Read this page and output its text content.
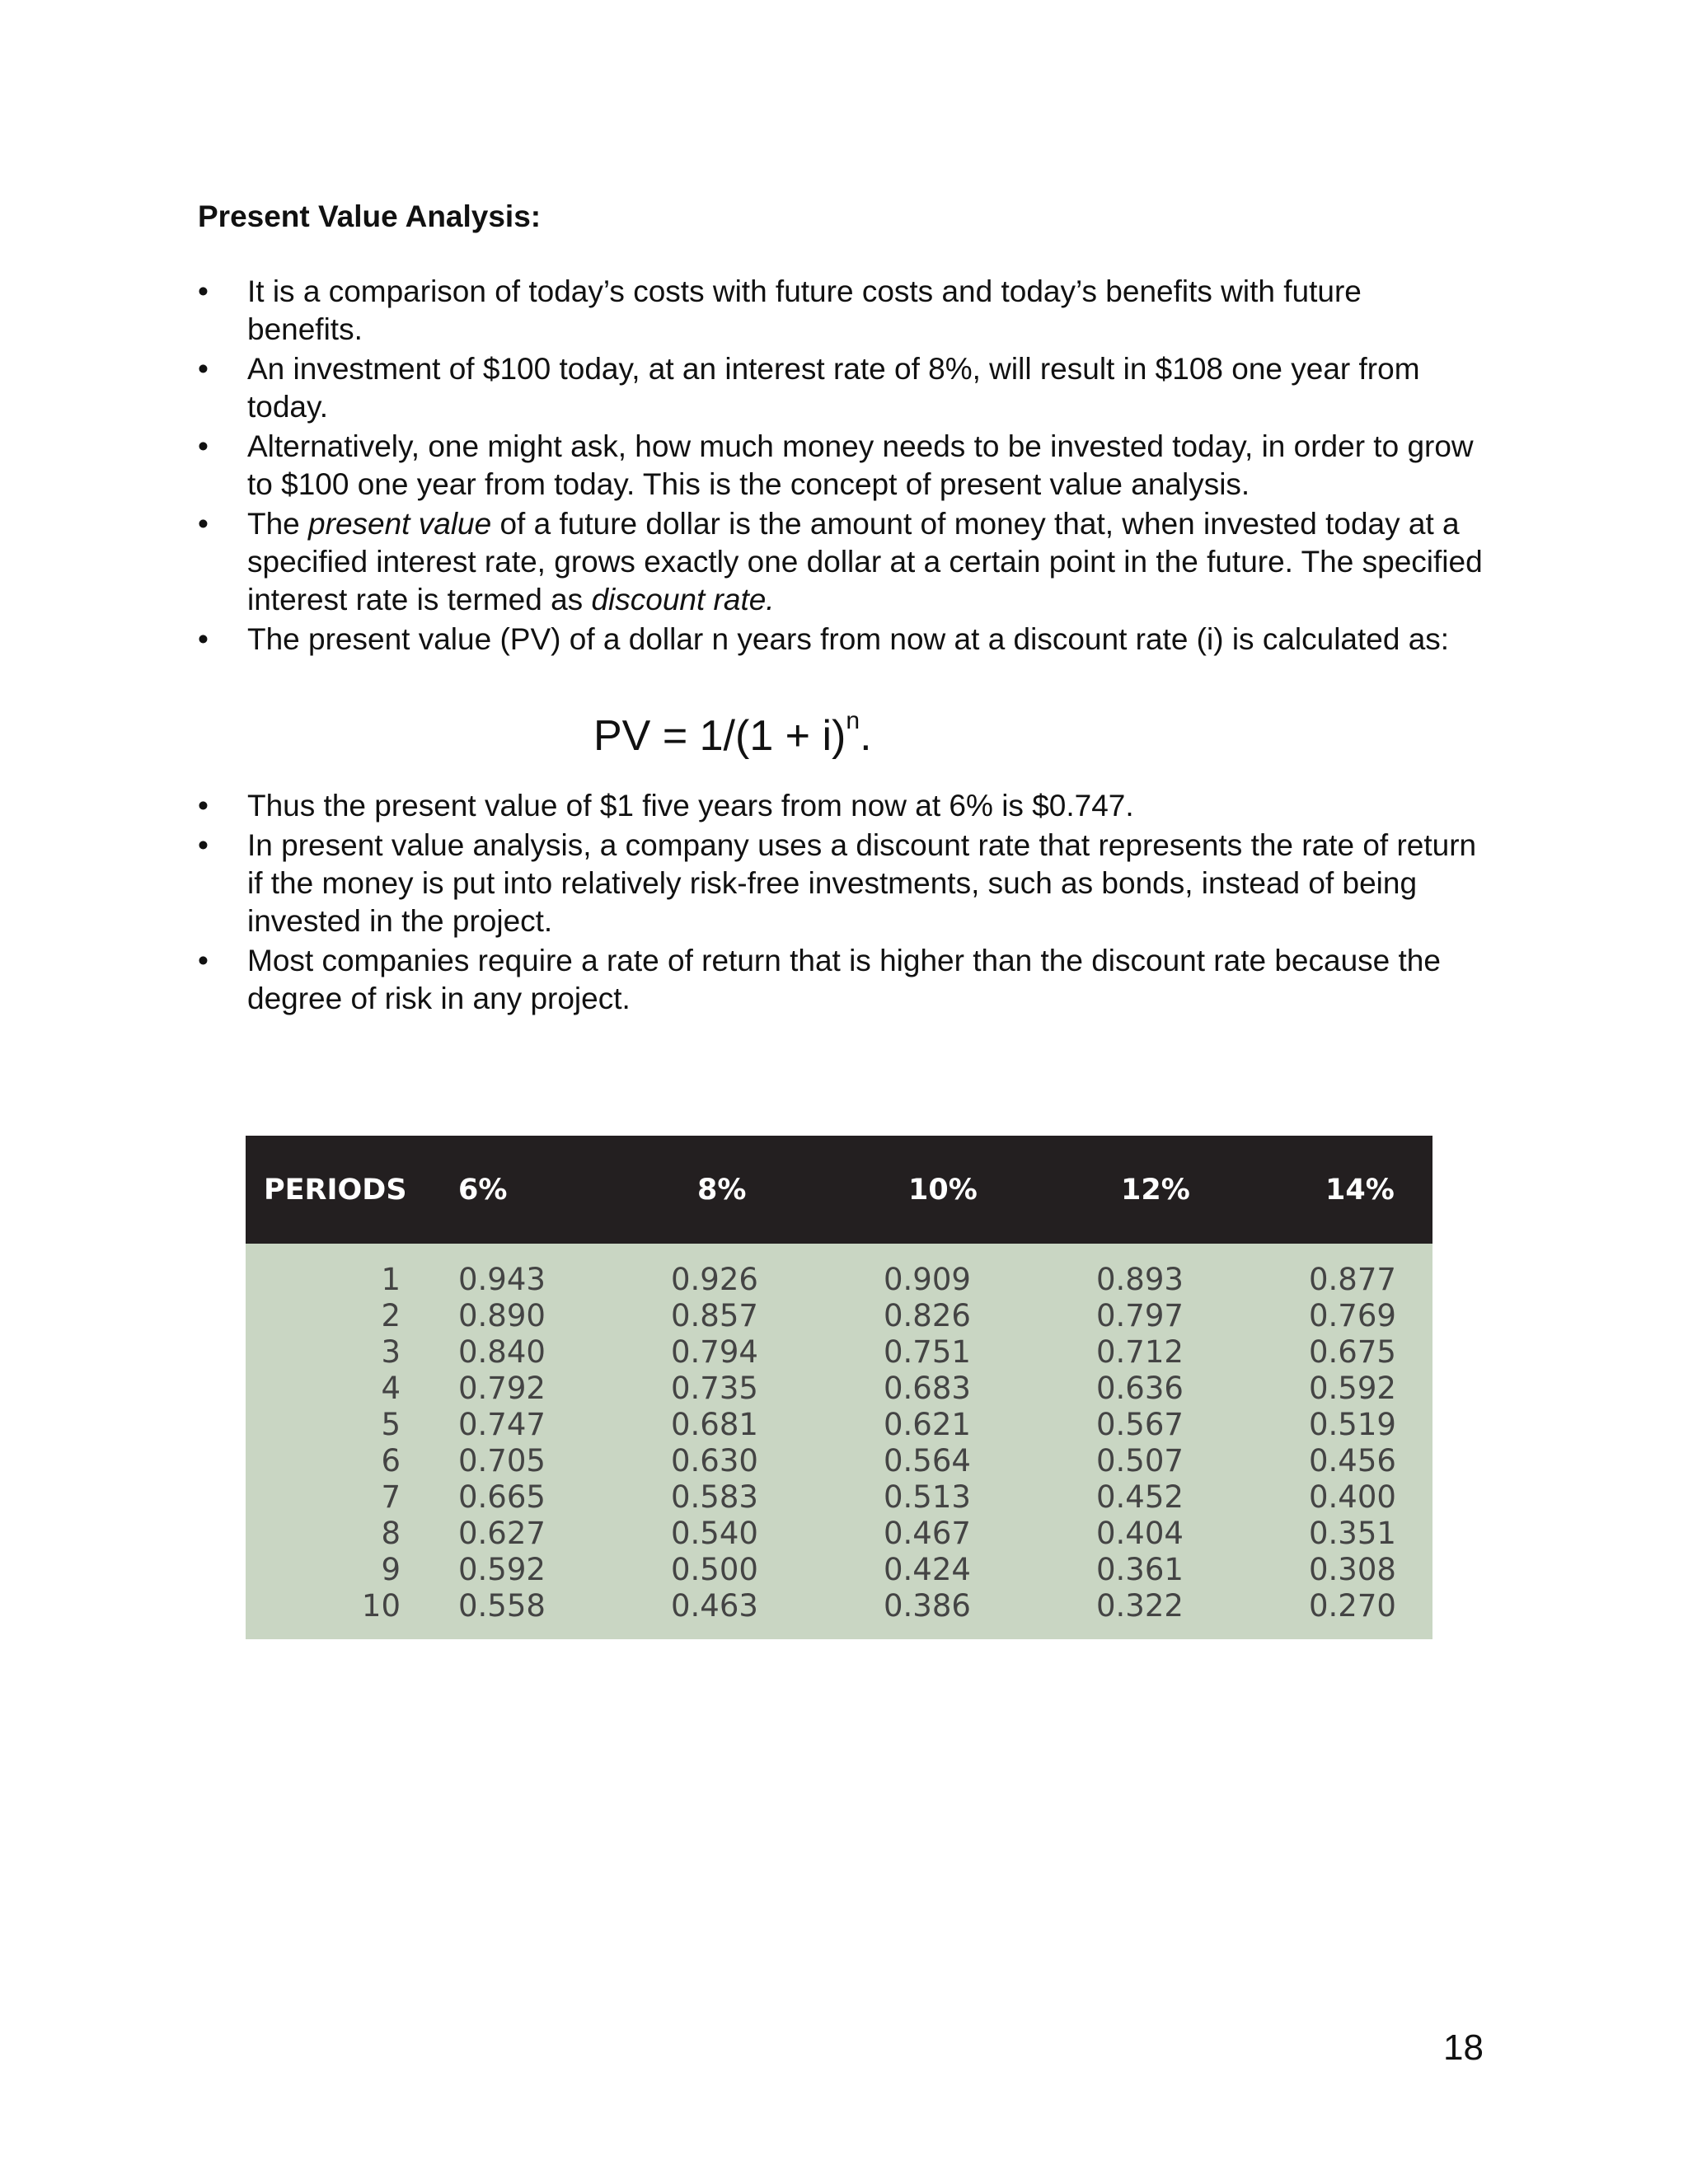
Present Value Analysis:
•	It is a comparison of today’s costs with future costs and today’s benefits with future benefits.
•	An investment of $100 today, at an interest rate of 8%, will result in $108 one year from today.
•	Alternatively, one might ask, how much money needs to be invested today, in order to grow to $100 one year from today. This is the concept of present value analysis.
•	The present value of a future dollar is the amount of money that, when invested today at a specified interest rate, grows exactly one dollar at a certain point in the future. The specified interest rate is termed as discount rate.
•	The present value (PV) of a dollar n years from now at a discount rate (i) is calculated as:
PV = $1/(1 + i)^n$.
•	Thus the present value of $1 five years from now at 6% is $0.747.
•	In present value analysis, a company uses a discount rate that represents the rate of return if the money is put into relatively risk-free investments, such as bonds, instead of being invested in the project.
•	Most companies require a rate of return that is higher than the discount rate because the degree of risk in any project.
PERIODS	6%	8%	10%	12%	14%
1	0.943	0.926	0.909	0.893	0.877
2	0.890	0.857	0.826	0.797	0.769
3	0.840	0.794	0.751	0.712	0.675
4	0.792	0.735	0.683	0.636	0.592
5	0.747	0.681	0.621	0.567	0.519
6	0.705	0.630	0.564	0.507	0.456
7	0.665	0.583	0.513	0.452	0.400
8	0.627	0.540	0.467	0.404	0.351
9	0.592	0.500	0.424	0.361	0.308
10	0.558	0.463	0.386	0.322	0.270
18
